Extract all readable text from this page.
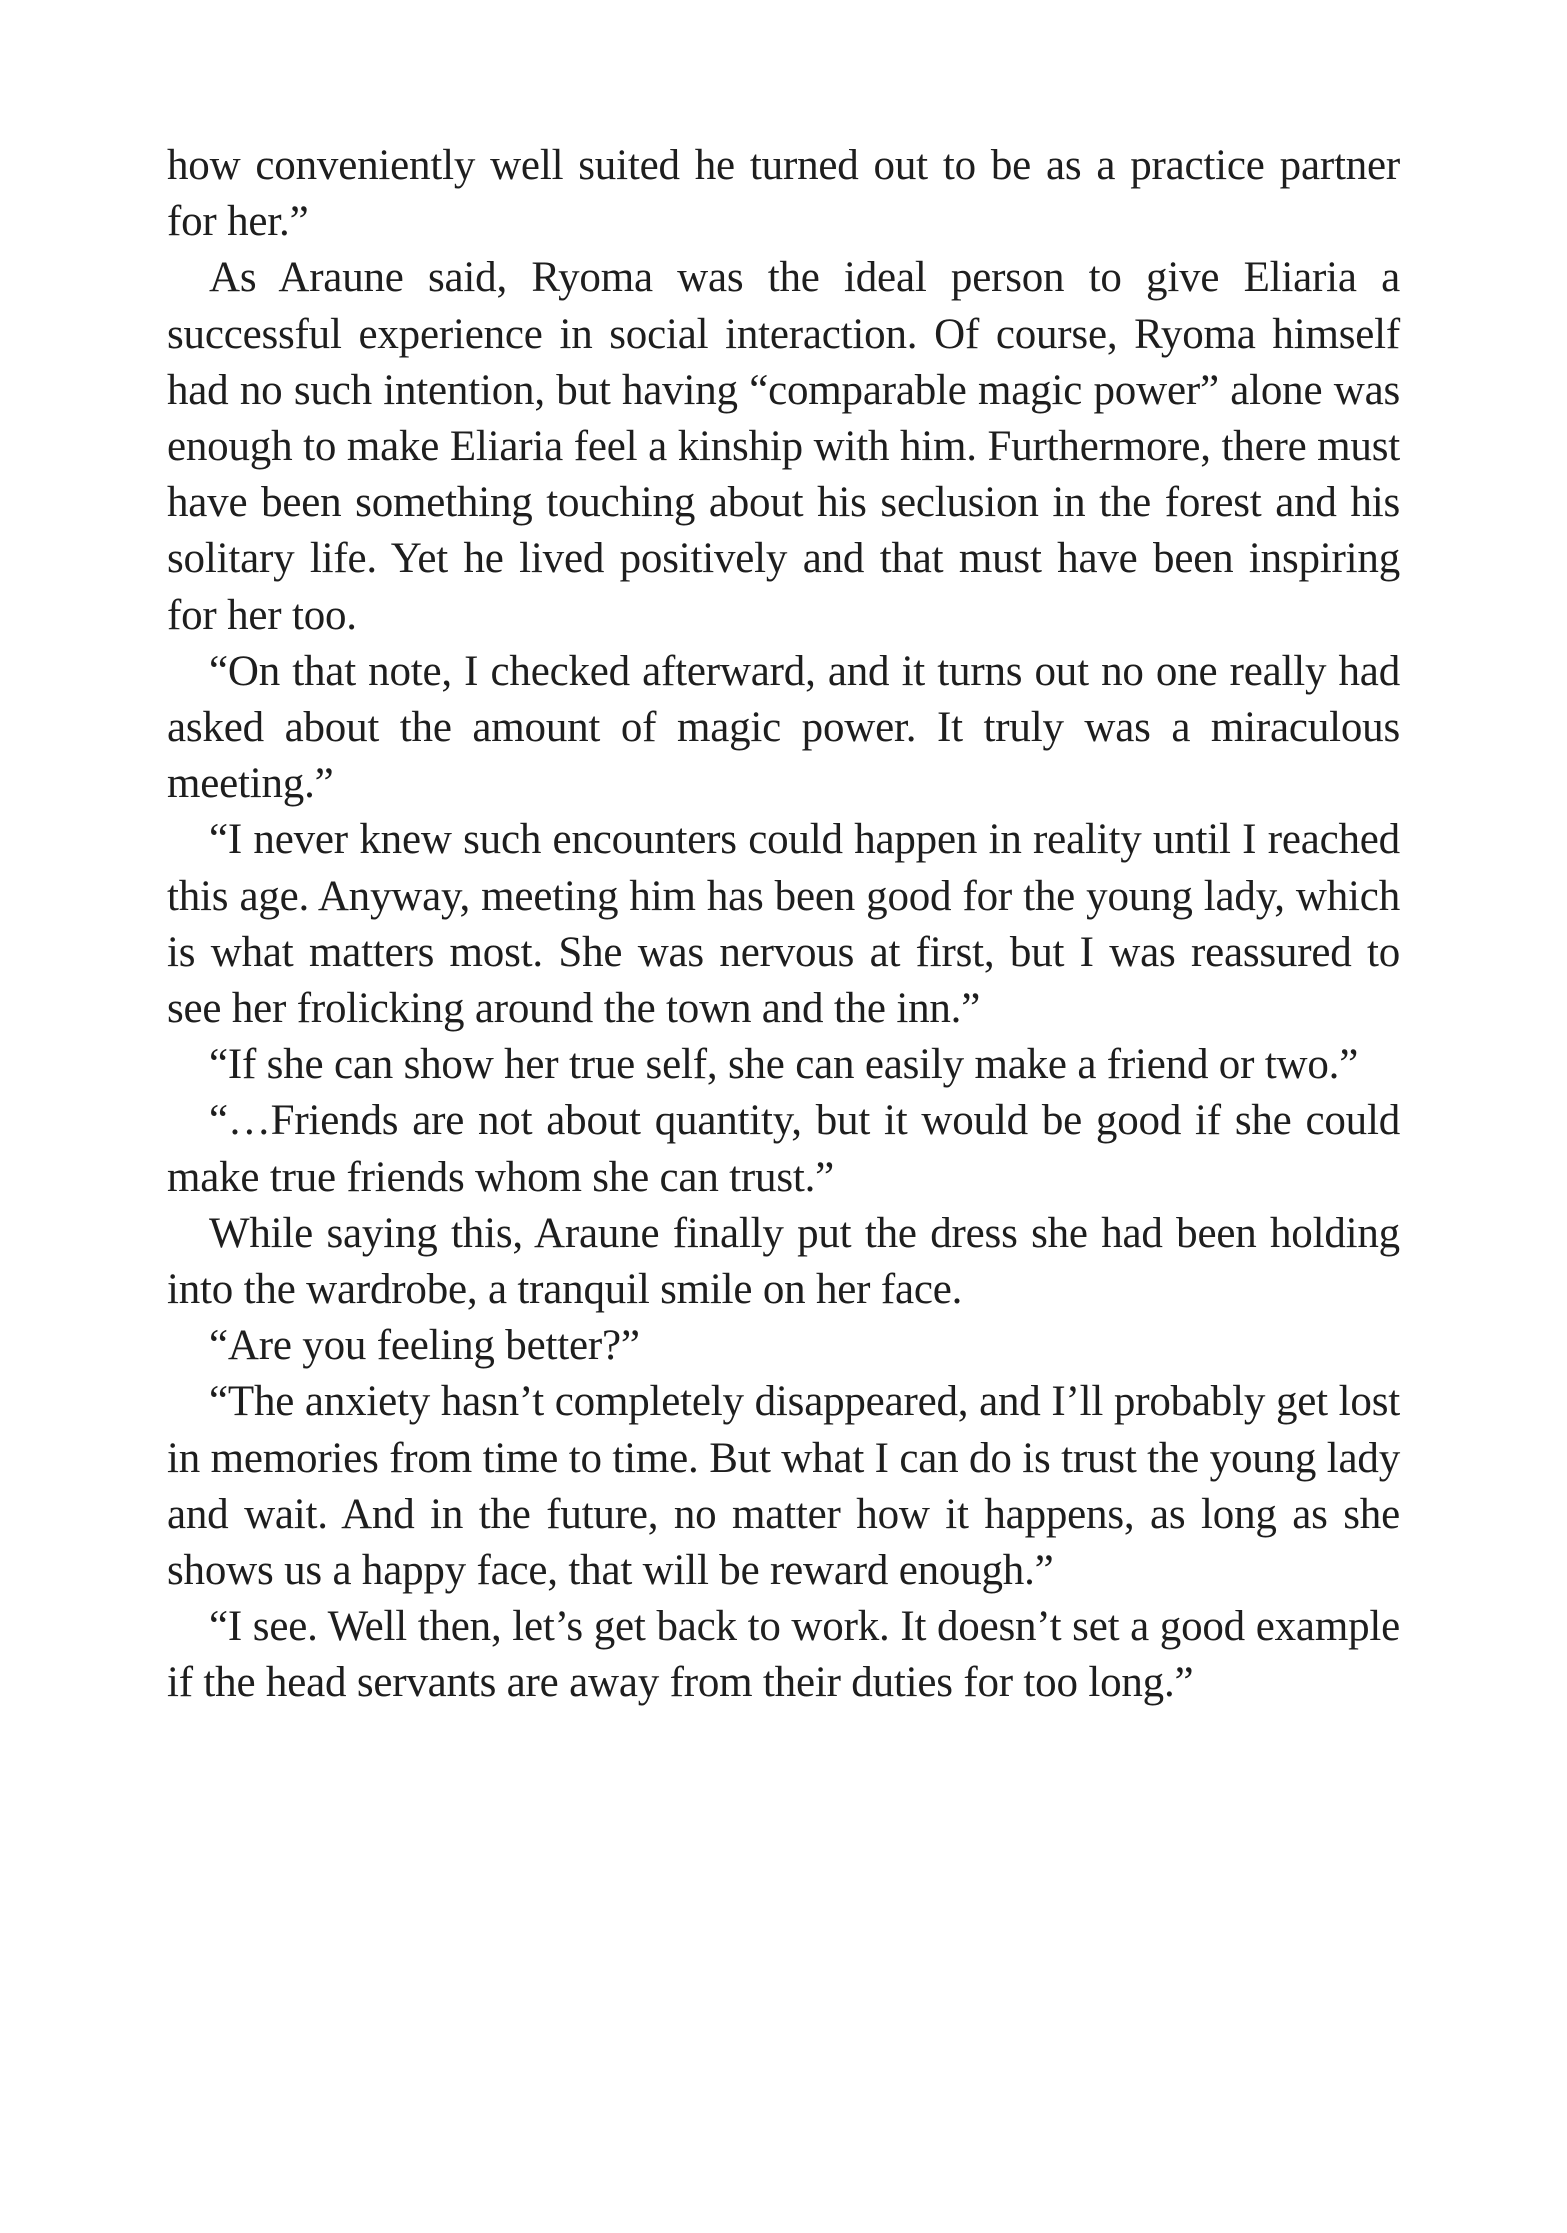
how conveniently well suited he turned out to be as a practice partner for her.”

As Araune said, Ryoma was the ideal person to give Eliaria a successful experience in social interaction. Of course, Ryoma himself had no such intention, but having “comparable magic power” alone was enough to make Eliaria feel a kinship with him. Furthermore, there must have been something touching about his seclusion in the forest and his solitary life. Yet he lived positively and that must have been inspiring for her too.

“On that note, I checked afterward, and it turns out no one really had asked about the amount of magic power. It truly was a miraculous meeting.”

“I never knew such encounters could happen in reality until I reached this age. Anyway, meeting him has been good for the young lady, which is what matters most. She was nervous at first, but I was reassured to see her frolicking around the town and the inn.”

“If she can show her true self, she can easily make a friend or two.”

“…Friends are not about quantity, but it would be good if she could make true friends whom she can trust.”

While saying this, Araune finally put the dress she had been holding into the wardrobe, a tranquil smile on her face.

“Are you feeling better?”

“The anxiety hasn’t completely disappeared, and I’ll probably get lost in memories from time to time. But what I can do is trust the young lady and wait. And in the future, no matter how it happens, as long as she shows us a happy face, that will be reward enough.”

“I see. Well then, let’s get back to work. It doesn’t set a good example if the head servants are away from their duties for too long.”
